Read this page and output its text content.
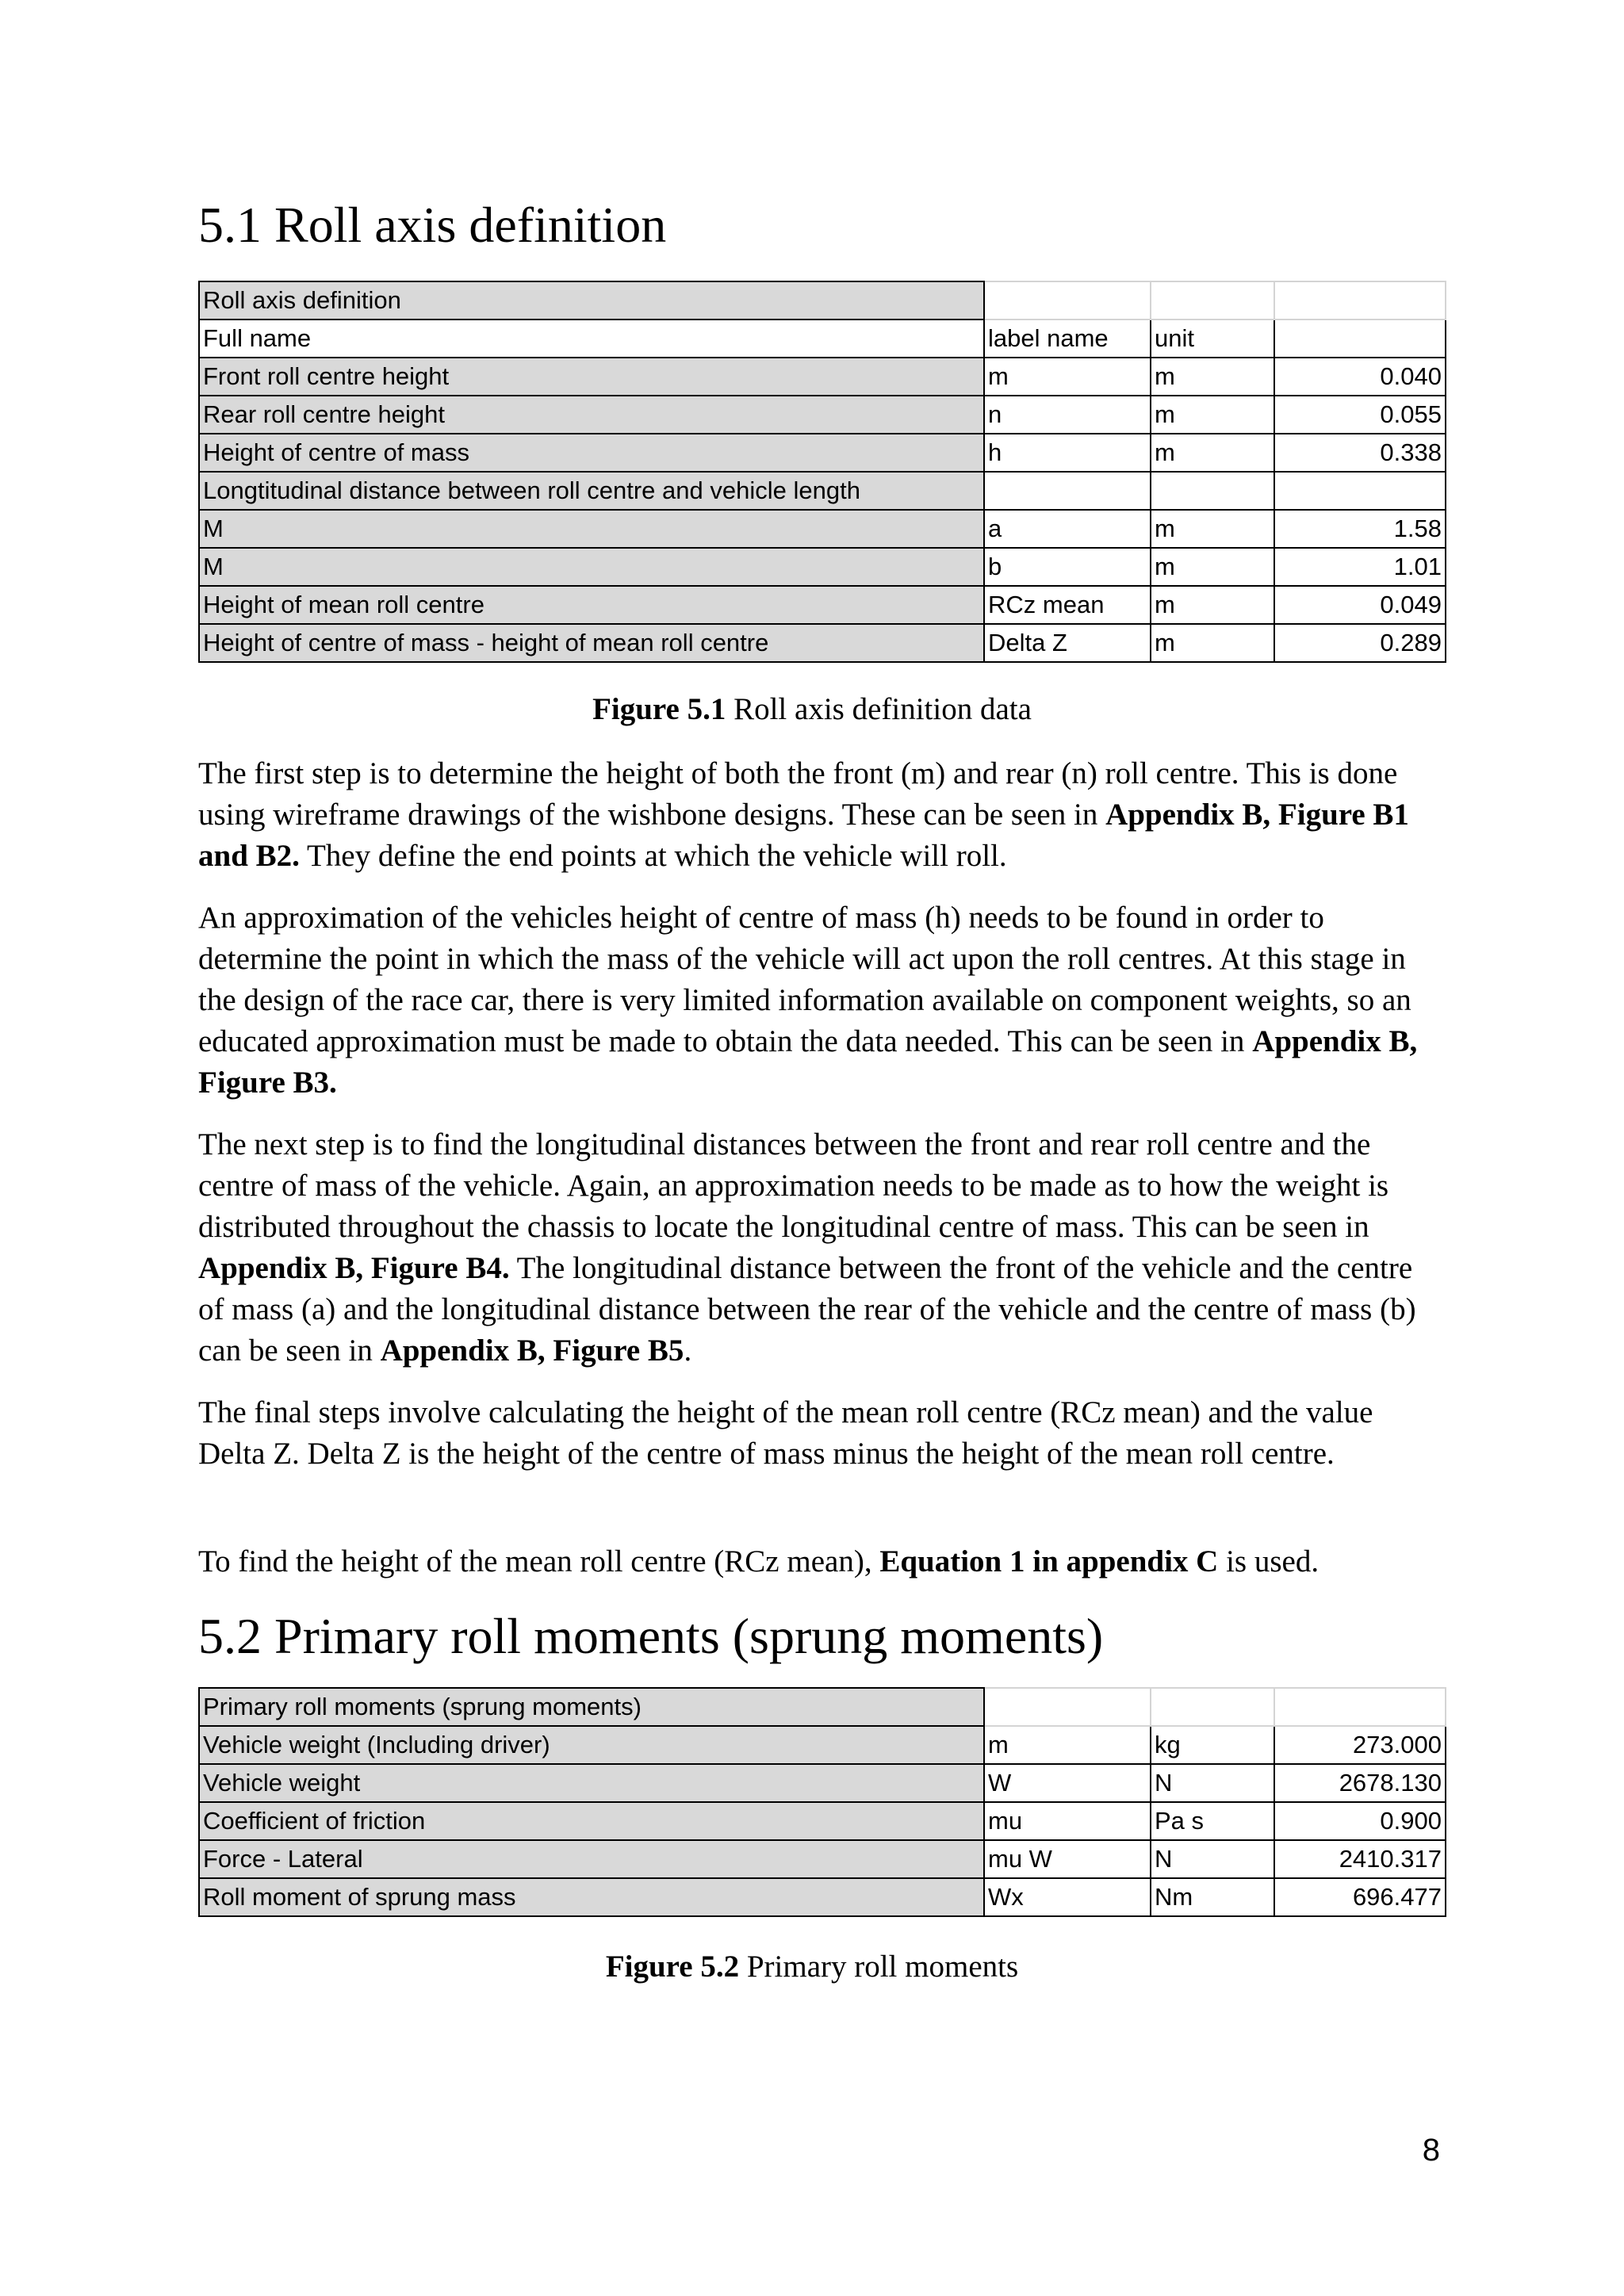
5.1 Roll axis definition
Roll axis definition			
Full name	label name	unit	
Front roll centre height	m	m	0.040
Rear roll centre height	n	m	0.055
Height of centre of mass	h	m	0.338
Longtitudinal distance between roll centre and vehicle length			
M	a	m	1.58
M	b	m	1.01
Height of mean roll centre	RCz mean	m	0.049
Height of centre of mass - height of mean roll centre	Delta Z	m	0.289

Figure 5.1 Roll axis definition data

The first step is to determine the height of both the front (m) and rear (n) roll centre. This is done using wireframe drawings of the wishbone designs. These can be seen in Appendix B, Figure B1 and B2. They define the end points at which the vehicle will roll.

An approximation of the vehicles height of centre of mass (h) needs to be found in order to determine the point in which the mass of the vehicle will act upon the roll centres. At this stage in the design of the race car, there is very limited information available on component weights, so an educated approximation must be made to obtain the data needed. This can be seen in Appendix B, Figure B3.

The next step is to find the longitudinal distances between the front and rear roll centre and the centre of mass of the vehicle. Again, an approximation needs to be made as to how the weight is distributed throughout the chassis to locate the longitudinal centre of mass. This can be seen in Appendix B, Figure B4. The longitudinal distance between the front of the vehicle and the centre of mass (a) and the longitudinal distance between the rear of the vehicle and the centre of mass (b) can be seen in Appendix B, Figure B5.

The final steps involve calculating the height of the mean roll centre (RCz mean) and the value Delta Z. Delta Z is the height of the centre of mass minus the height of the mean roll centre.

To find the height of the mean roll centre (RCz mean), Equation 1 in appendix C is used.

5.2 Primary roll moments (sprung moments)
Primary roll moments (sprung moments)			
Vehicle weight (Including driver)	m	kg	273.000
Vehicle weight	W	N	2678.130
Coefficient of friction	mu	Pa s	0.900
Force - Lateral	mu W	N	2410.317
Roll moment of sprung mass	Wx	Nm	696.477

Figure 5.2 Primary roll moments

8
